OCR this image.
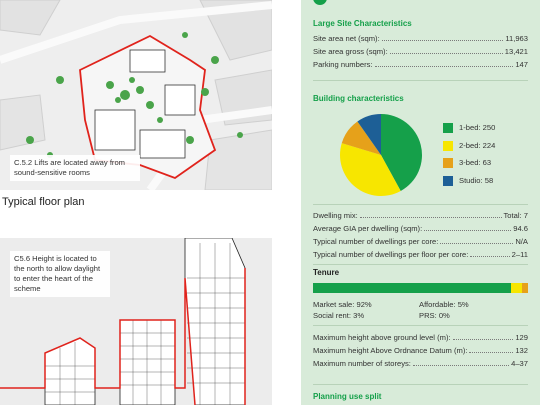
C.5.2 Lifts are located away from sound-sensitive rooms
Typical floor plan
C5.6 Height is located to the north to allow daylight to enter the heart of the scheme
Large Site Characteristics
Site area net (sqm):	11,963
Site area gross (sqm):	13,421
Parking numbers:	147
Building characteristics
1-bed: 250
2-bed: 224
3-bed: 63
Studio: 58
Dwelling mix:	Total: 7
Average GIA per dwelling (sqm):	94.6
Typical number of dwellings per core:	N/A
Typical number of dwellings per floor per core:	2–11
Tenure
Market sale: 92%	Affordable: 5%
Social rent: 3%	PRS: 0%
Maximum height above ground level (m):	129
Maximum height Above Ordnance Datum (m):	132
Maximum number of storeys:	4–37
Planning use split
